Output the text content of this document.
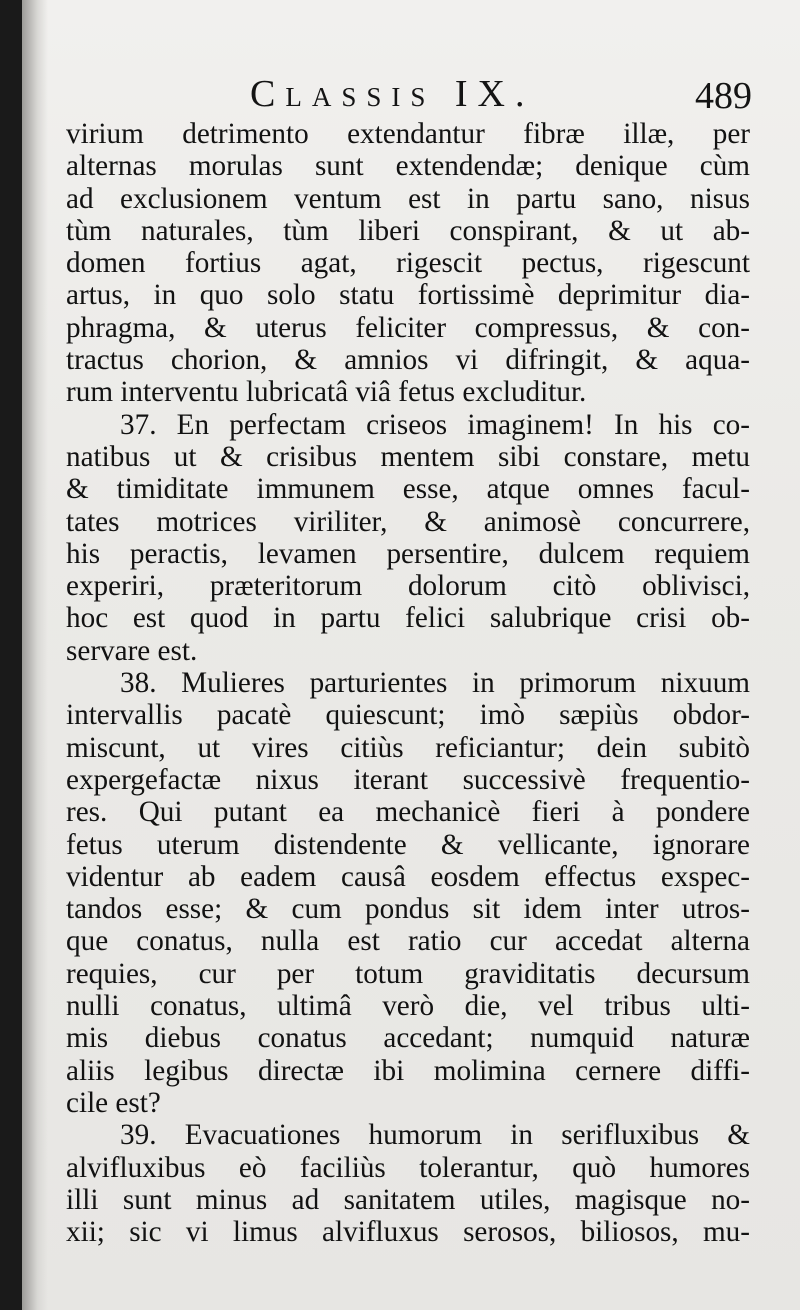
Classis IX.	489
virium detrimento extendantur fibræ illæ, per
alternas morulas sunt extendendæ; denique cùm
ad exclusionem ventum est in partu sano, nisus
tùm naturales, tùm liberi conspirant, & ut ab-
domen fortius agat, rigescit pectus, rigescunt
artus, in quo solo statu fortissimè deprimitur dia-
phragma, & uterus feliciter compressus, & con-
tractus chorion, & amnios vi difringit, & aqua-
rum interventu lubricatâ viâ fetus excluditur.
37. En perfectam criseos imaginem! In his co-
natibus ut & crisibus mentem sibi constare, metu
& timiditate immunem esse, atque omnes facul-
tates motrices viriliter, & animosè concurrere,
his peractis, levamen persentire, dulcem requiem
experiri, præteritorum dolorum citò oblivisci,
hoc est quod in partu felici salubrique crisi ob-
servare est.
38. Mulieres parturientes in primorum nixuum
intervallis pacatè quiescunt; imò sæpiùs obdor-
miscunt, ut vires citiùs reficiantur; dein subitò
expergefactæ nixus iterant successivè frequentio-
res. Qui putant ea mechanicè fieri à pondere
fetus uterum distendente & vellicante, ignorare
videntur ab eadem causâ eosdem effectus exspec-
tandos esse; & cum pondus sit idem inter utros-
que conatus, nulla est ratio cur accedat alterna
requies, cur per totum graviditatis decursum
nulli conatus, ultimâ verò die, vel tribus ulti-
mis diebus conatus accedant; numquid naturæ
aliis legibus directæ ibi molimina cernere diffi-
cile est?
39. Evacuationes humorum in serifluxibus &
alvifluxibus eò faciliùs tolerantur, quò humores
illi sunt minus ad sanitatem utiles, magisque no-
xii; sic vi limus alvifluxus serosos, biliosos, mu-
